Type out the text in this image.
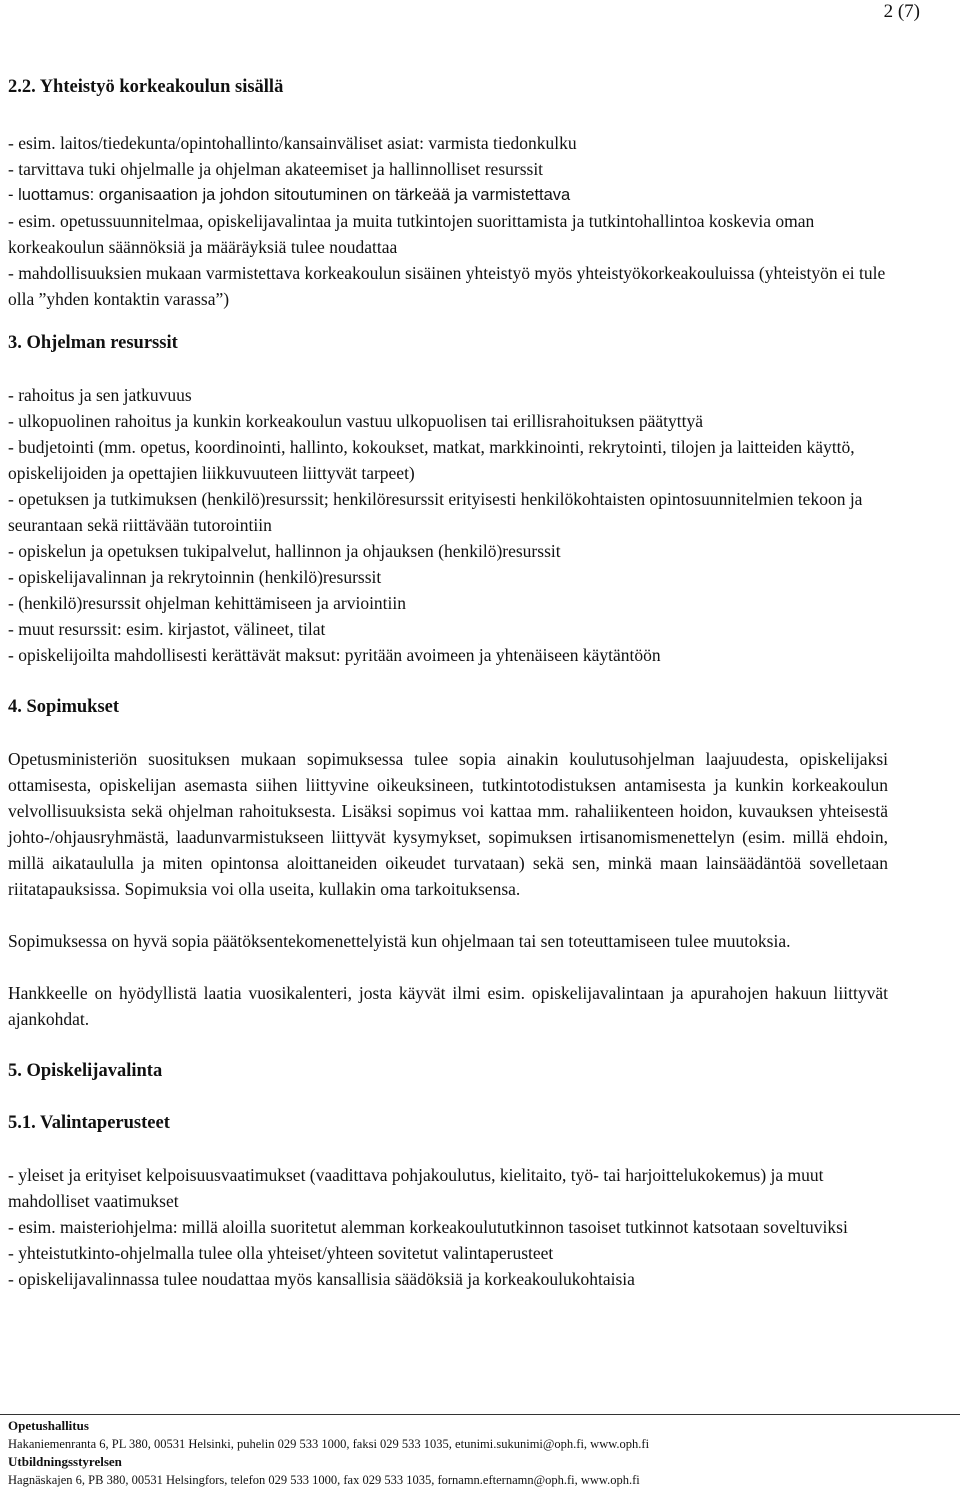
2 (7)

2.2. Yhteistyö korkeakoulun sisällä

- esim. laitos/tiedekunta/opintohallinto/kansainväliset asiat: varmista tiedonkulku

- tarvittava tuki ohjelmalle ja ohjelman akateemiset ja hallinnolliset resurssit

- luottamus: organisaation ja johdon sitoutuminen on tärkeää ja varmistettava

- esim. opetussuunnitelmaa, opiskelijavalintaa ja muita tutkintojen suorittamista ja tutkintohallintoa koskevia oman korkeakoulun säännöksiä ja määräyksiä tulee noudattaa

- mahdollisuuksien mukaan varmistettava korkeakoulun sisäinen yhteistyö myös yhteistyökorkeakouluissa (yhteistyön ei tule olla ”yhden kontaktin varassa”)

3. Ohjelman resurssit

- rahoitus ja sen jatkuvuus

- ulkopuolinen rahoitus ja kunkin korkeakoulun vastuu ulkopuolisen tai erillisrahoituksen päätyttyä

- budjetointi (mm. opetus, koordinointi, hallinto, kokoukset, matkat, markkinointi, rekrytointi, tilojen ja laitteiden käyttö, opiskelijoiden ja opettajien liikkuvuuteen liittyvät tarpeet)

- opetuksen ja tutkimuksen (henkilö)resurssit; henkilöresurssit erityisesti henkilökohtaisten opintosuunnitelmien tekoon ja seurantaan sekä riittävään tutorointiin

- opiskelun ja opetuksen tukipalvelut, hallinnon ja ohjauksen (henkilö)resurssit

- opiskelijavalinnan ja rekrytoinnin (henkilö)resurssit

- (henkilö)resurssit ohjelman kehittämiseen ja arviointiin

- muut resurssit: esim. kirjastot, välineet, tilat

- opiskelijoilta mahdollisesti kerättävät maksut: pyritään avoimeen ja yhtenäiseen käytäntöön

4. Sopimukset

Opetusministeriön suosituksen mukaan sopimuksessa tulee sopia ainakin koulutusohjelman laajuudesta, opiskelijaksi ottamisesta, opiskelijan asemasta siihen liittyvine oikeuksineen, tutkintotodistuksen antamisesta ja kunkin korkeakoulun velvollisuuksista sekä ohjelman rahoituksesta. Lisäksi sopimus voi kattaa mm. rahaliikenteen hoidon, kuvauksen yhteisestä johto-/ohjausryhmästä, laadunvarmistukseen liittyvät kysymykset, sopimuksen irtisanomismenettelyn (esim. millä ehdoin, millä aikataululla ja miten opintonsa aloittaneiden oikeudet turvataan) sekä sen, minkä maan lainsäädäntöä sovelletaan riitatapauksissa. Sopimuksia voi olla useita, kullakin oma tarkoituksensa.

Sopimuksessa on hyvä sopia päätöksentekomenettelyistä kun ohjelmaan tai sen toteuttamiseen tulee muutoksia.

Hankkeelle on hyödyllistä laatia vuosikalenteri, josta käyvät ilmi esim. opiskelijavalintaan ja apurahojen hakuun liittyvät ajankohdat.

5. Opiskelijavalinta

5.1. Valintaperusteet

- yleiset ja erityiset kelpoisuusvaatimukset (vaadittava pohjakoulutus, kielitaito, työ- tai harjoittelukokemus) ja muut mahdolliset vaatimukset

- esim. maisteriohjelma: millä aloilla suoritetut alemman korkeakoulututkinnon tasoiset tutkinnot katsotaan soveltuviksi

- yhteistutkinto-ohjelmalla tulee olla yhteiset/yhteen sovitetut valintaperusteet

- opiskelijavalinnassa tulee noudattaa myös kansallisia säädöksiä ja korkeakoulukohtaisia

Opetushallitus
Hakaniemenranta 6, PL 380, 00531 Helsinki, puhelin 029 533 1000, faksi 029 533 1035, etunimi.sukunimi@oph.fi, www.oph.fi
Utbildningsstyrelsen
Hagnäskajen 6, PB 380, 00531 Helsingfors, telefon 029 533 1000, fax 029 533 1035, fornamn.efternamn@oph.fi, www.oph.fi
